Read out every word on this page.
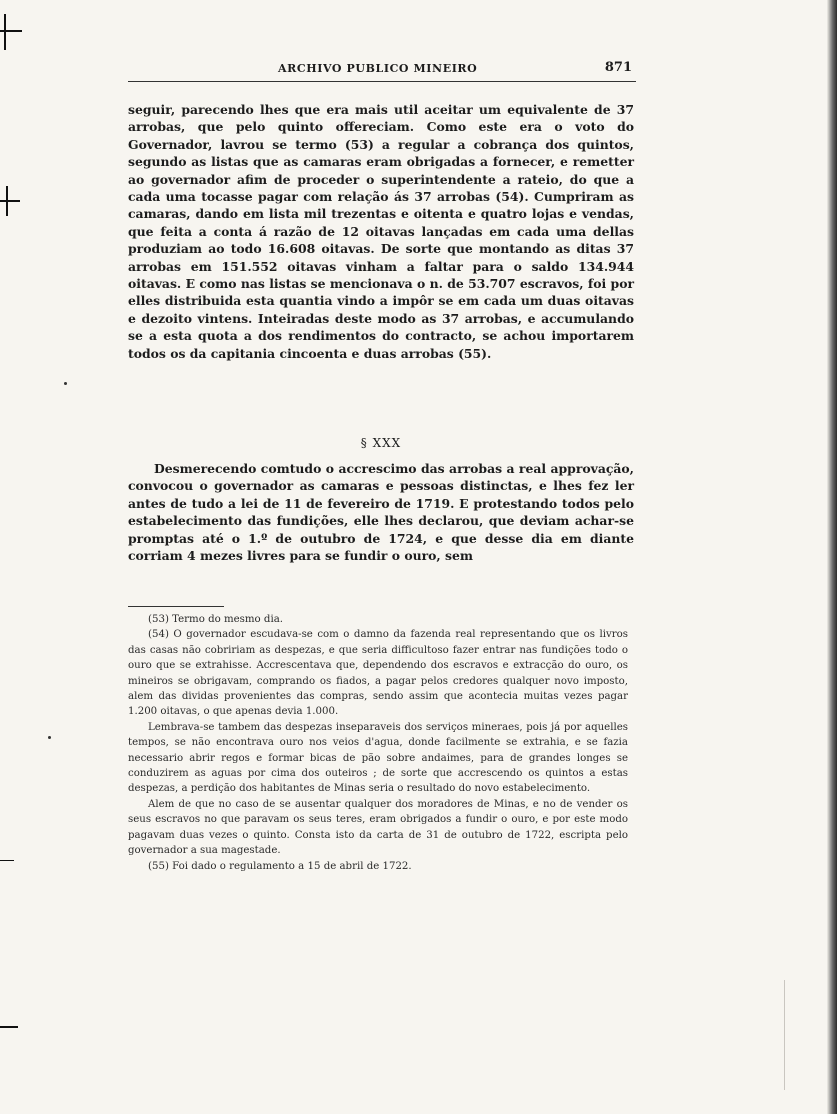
ARCHIVO PUBLICO MINEIRO	871
seguir, parecendo lhes que era mais util aceitar um equivalente de 37 arrobas, que pelo quinto offereciam. Como este era o voto do Governador, lavrou se termo (53) a regular a cobrança dos quintos, segundo as listas que as camaras eram obrigadas a fornecer, e remetter ao governador afim de proceder o superintendente a rateio, do que a cada uma tocasse pagar com relação ás 37 arrobas (54). Cumpriram as camaras, dando em lista mil trezentas e oitenta e quatro lojas e vendas, que feita a conta á razão de 12 oitavas lançadas em cada uma dellas produziam ao todo 16.608 oitavas. De sorte que montando as ditas 37 arrobas em 151.552 oitavas vinham a faltar para o saldo 134.944 oitavas. E como nas listas se mencionava o n. de 53.707 escravos, foi por elles distribuida esta quantia vindo a impôr se em cada um duas oitavas e dezoito vintens. Inteiradas deste modo as 37 arrobas, e accumulando se a esta quota a dos rendimentos do contracto, se achou importarem todos os da capitania cincoenta e duas arrobas (55).
§ XXX
Desmerecendo comtudo o accrescimo das arrobas a real approvação, convocou o governador as camaras e pessoas distinctas, e lhes fez ler antes de tudo a lei de 11 de fevereiro de 1719. E protestando todos pelo estabelecimento das fundições, elle lhes declarou, que deviam achar-se promptas até o 1.º de outubro de 1724, e que desse dia em diante corriam 4 mezes livres para se fundir o ouro, sem

(53) Termo do mesmo dia.

(54) O governador escudava-se com o damno da fazenda real representando que os livros das casas não cobririam as despezas, e que seria difficultoso fazer entrar nas fundições todo o ouro que se extrahisse. Accrescentava que, dependendo dos escravos e extracção do ouro, os mineiros se obrigavam, comprando os fiados, a pagar pelos credores qualquer novo imposto, alem das dividas provenientes das compras, sendo assim que acontecia muitas vezes pagar 1.200 oitavas, o que apenas devia 1.000.

Lembrava-se tambem das despezas inseparaveis dos serviços mineraes, pois já por aquelles tempos, se não encontrava ouro nos veios d'agua, donde facilmente se extrahia, e se fazia necessario abrir regos e formar bicas de pão sobre andaimes, para de grandes longes se conduzirem as aguas por cima dos outeiros ; de sorte que accrescendo os quintos a estas despezas, a perdição dos habitantes de Minas seria o resultado do novo estabelecimento.

Alem de que no caso de se ausentar qualquer dos moradores de Minas, e no de vender os seus escravos no que paravam os seus teres, eram obrigados a fundir o ouro, e por este modo pagavam duas vezes o quinto. Consta isto da carta de 31 de outubro de 1722, escripta pelo governador a sua magestade.

(55) Foi dado o regulamento a 15 de abril de 1722.
